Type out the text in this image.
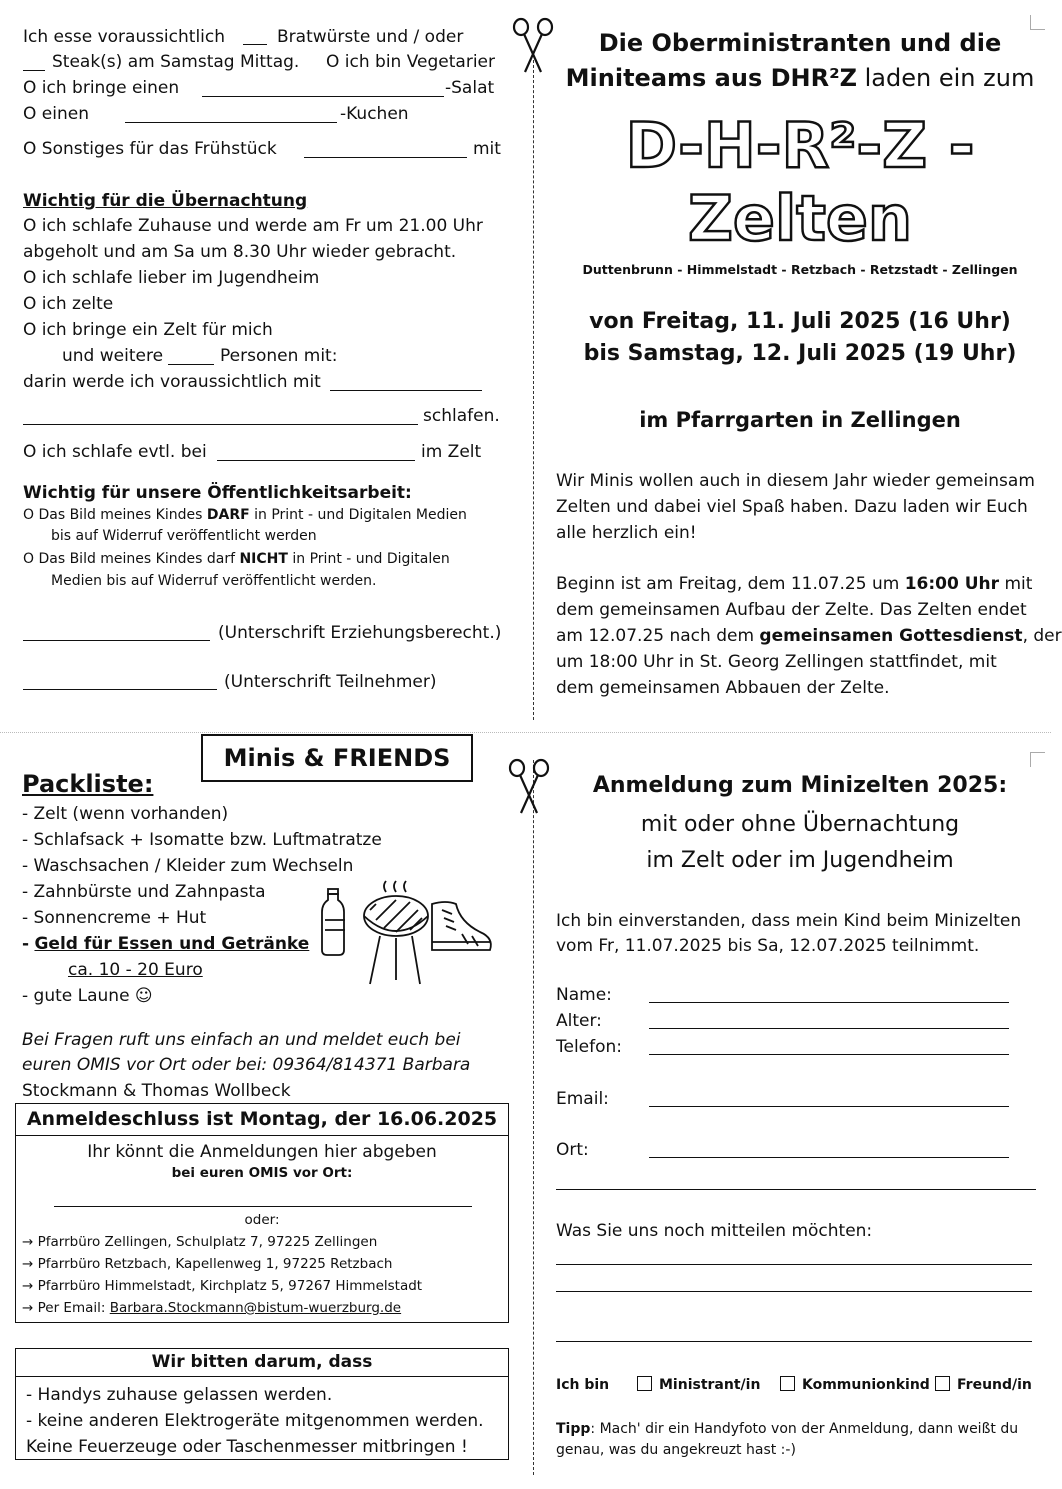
Ich esse voraussichtlich	Bratwürste und / oder
Steak(s) am Samstag Mittag. O ich bin Vegetarier
O ich bringe einen	-Salat
O einen	-Kuchen
O Sonstiges für das Frühstück	mit
Wichtig für die Übernachtung
O ich schlafe Zuhause und werde am Fr um 21.00 Uhr
abgeholt und am Sa um 8.30 Uhr wieder gebracht.
O ich schlafe lieber im Jugendheim
O ich zelte
O ich bringe ein Zelt für mich
und weitere	Personen mit:
darin werde ich voraussichtlich mit
schlafen.
O ich schlafe evtl. bei	im Zelt
Wichtig für unsere Öffentlichkeitsarbeit:
O Das Bild meines Kindes DARF in Print - und Digitalen Medien
bis auf Widerruf veröffentlicht werden
O Das Bild meines Kindes darf NICHT in Print - und Digitalen
Medien bis auf Widerruf veröffentlicht werden.
(Unterschrift Erziehungsberecht.)
(Unterschrift Teilnehmer)
Die Oberministranten und die
Miniteams aus DHR²Z laden ein zum
D-H-R²-Z -
Zelten
Duttenbrunn - Himmelstadt - Retzbach - Retzstadt - Zellingen
von Freitag, 11. Juli 2025 (16 Uhr)
bis Samstag, 12. Juli 2025 (19 Uhr)
im Pfarrgarten in Zellingen
Wir Minis wollen auch in diesem Jahr wieder gemeinsam
Zelten und dabei viel Spaß haben. Dazu laden wir Euch
alle herzlich ein!
Beginn ist am Freitag, dem 11.07.25 um 16:00 Uhr mit
dem gemeinsamen Aufbau der Zelte. Das Zelten endet
am 12.07.25 nach dem gemeinsamen Gottesdienst, der
um 18:00 Uhr in St. Georg Zellingen stattfindet, mit
dem gemeinsamen Abbauen der Zelte.
Minis & FRIENDS
Packliste:
- Zelt (wenn vorhanden)
- Schlafsack + Isomatte bzw. Luftmatratze
- Waschsachen / Kleider zum Wechseln
- Zahnbürste und Zahnpasta
- Sonnencreme + Hut
- Geld für Essen und Getränke
ca. 10 - 20 Euro
- gute Laune ☺
Bei Fragen ruft uns einfach an und meldet euch bei
euren OMIS vor Ort oder bei: 09364/814371 Barbara
Stockmann & Thomas Wollbeck
Anmeldeschluss ist Montag, der 16.06.2025
Ihr könnt die Anmeldungen hier abgeben
bei euren OMIS vor Ort:
oder:
→ Pfarrbüro Zellingen, Schulplatz 7, 97225 Zellingen
→ Pfarrbüro Retzbach, Kapellenweg 1, 97225 Retzbach
→ Pfarrbüro Himmelstadt, Kirchplatz 5, 97267 Himmelstadt
→ Per Email: Barbara.Stockmann@bistum-wuerzburg.de
Wir bitten darum, dass
- Handys zuhause gelassen werden.
- keine anderen Elektrogeräte mitgenommen werden.
Keine Feuerzeuge oder Taschenmesser mitbringen !
Anmeldung zum Minizelten 2025:
mit oder ohne Übernachtung
im Zelt oder im Jugendheim
Ich bin einverstanden, dass mein Kind beim Minizelten
vom Fr, 11.07.2025 bis Sa, 12.07.2025 teilnimmt.
Name:
Alter:
Telefon:
Email:
Ort:
Was Sie uns noch mitteilen möchten:
Ich bin	Ministrant/in	Kommunionkind	Freund/in
Tipp: Mach' dir ein Handyfoto von der Anmeldung, dann weißt du
genau, was du angekreuzt hast :-)
